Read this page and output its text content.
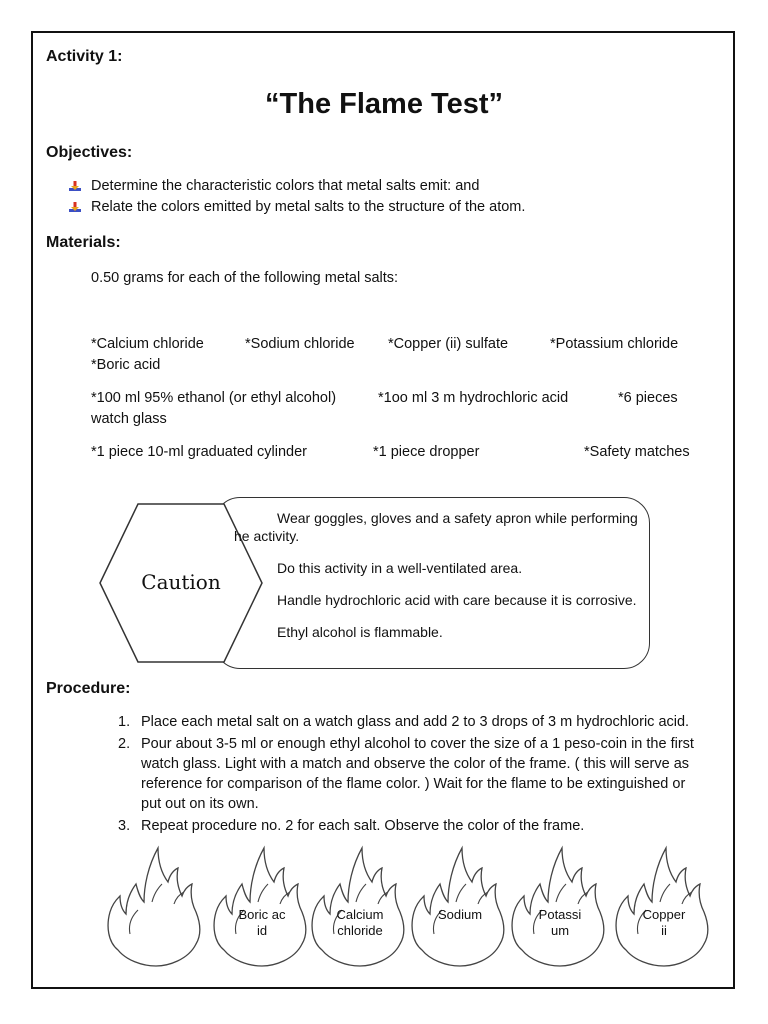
Activity 1:
“The Flame Test”
Objectives:
Determine the characteristic colors that metal salts emit: and
Relate the colors emitted by metal salts to the structure of the atom.
Materials:
0.50 grams for each of the following metal salts:
*Calcium chloride	*Sodium chloride *Copper (ii) sulfate	*Potassium chloride
*Boric acid
*100 ml 95% ethanol (or ethyl alcohol)	*1oo ml 3 m hydrochloric acid	*6 pieces
watch glass
*1 piece 10-ml graduated cylinder	*1 piece dropper	*Safety matches
Caution
Wear goggles, gloves and a safety apron while performing
he activity.
Do this activity in a well-ventilated area.
Handle hydrochloric acid with care because it is corrosive.
Ethyl alcohol is flammable.
Procedure:
1. Place each metal salt on a watch glass and add 2 to 3 drops of 3 m hydrochloric acid.
2. Pour about 3-5 ml or enough ethyl alcohol to cover the size of a 1 peso-coin in the first
watch glass. Light with a match and observe the color of the frame. ( this will serve as
reference for comparison of the flame color. ) Wait for the flame to be extinguished or
put out on its own.
3. Repeat procedure no. 2 for each salt. Observe the color of the frame.
Boric acid
Calcium chloride
Sodium	Potassium
Copper ii
